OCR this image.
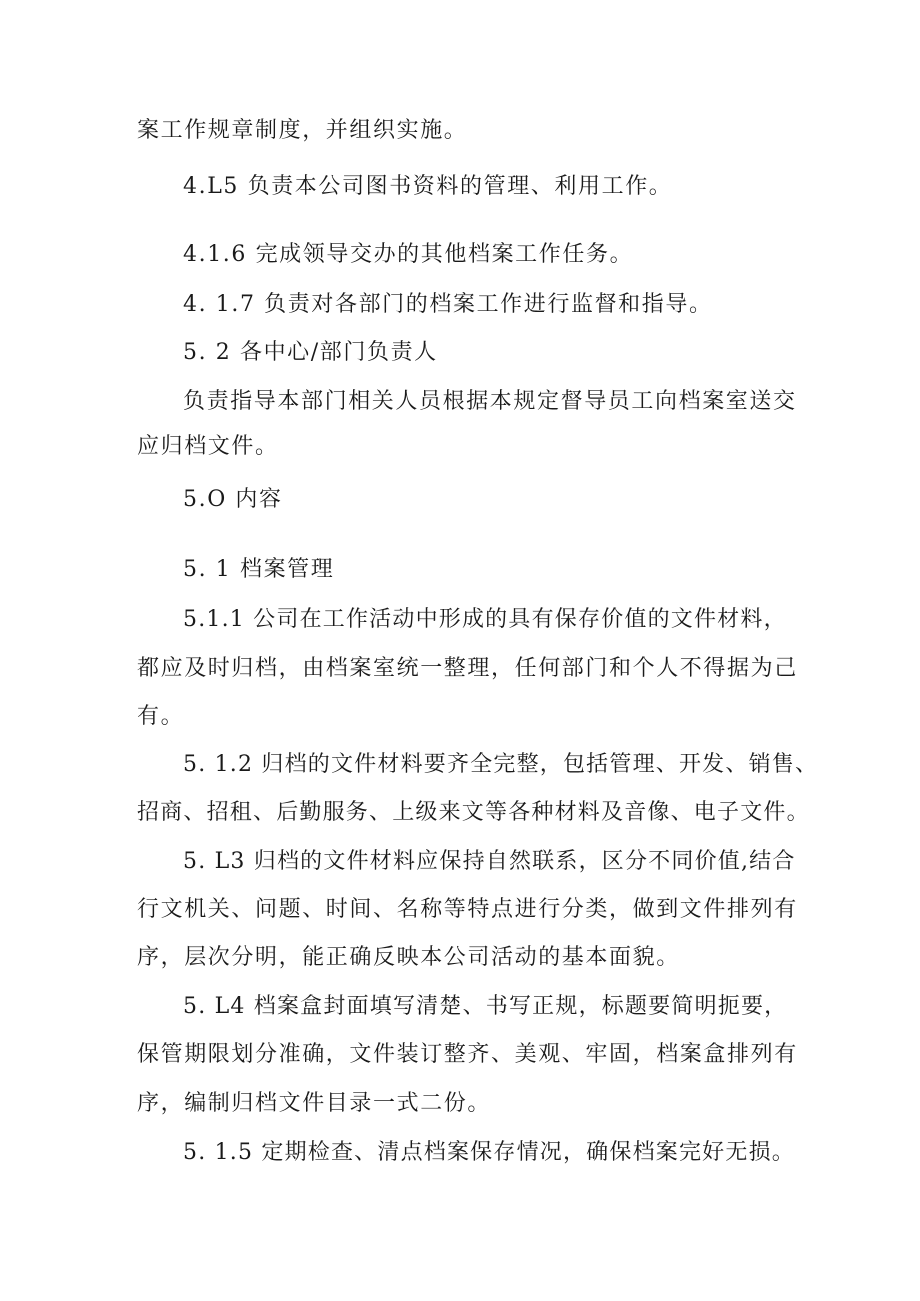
案工作规章制度，并组织实施。
4.L5 负责本公司图书资料的管理、利用工作。
4.1.6 完成领导交办的其他档案工作任务。
4. 1.7 负责对各部门的档案工作进行监督和指导。
5. 2 各中心/部门负责人
负责指导本部门相关人员根据本规定督导员工向档案室送交
应归档文件。
5.O 内容
5. 1 档案管理
5.1.1 公司在工作活动中形成的具有保存价值的文件材料，
都应及时归档，由档案室统一整理，任何部门和个人不得据为己
有。
5. 1.2 归档的文件材料要齐全完整，包括管理、开发、销售、
招商、招租、后勤服务、上级来文等各种材料及音像、电子文件。
5. L3 归档的文件材料应保持自然联系，区分不同价值,结合
行文机关、问题、时间、名称等特点进行分类，做到文件排列有
序，层次分明，能正确反映本公司活动的基本面貌。
5. L4 档案盒封面填写清楚、书写正规，标题要简明扼要，
保管期限划分准确，文件装订整齐、美观、牢固，档案盒排列有
序，编制归档文件目录一式二份。
5. 1.5 定期检查、清点档案保存情况，确保档案完好无损。
